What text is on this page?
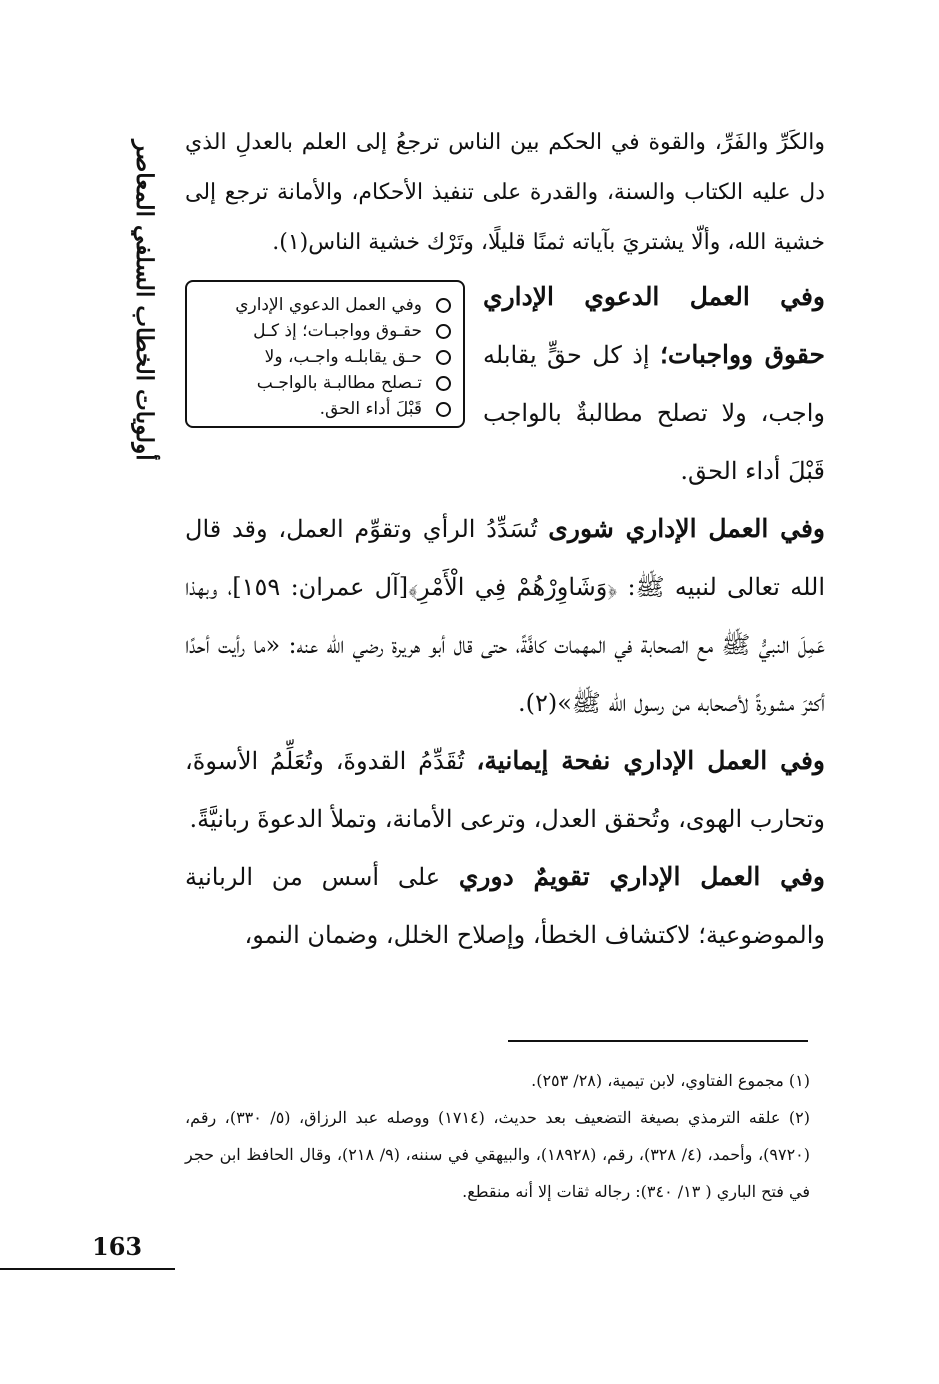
أولويات الخطاب السلفي المعاصر	والكَرِّ والفَرِّ، والقوة في الحكم بين الناس ترجعُ إلى العلم بالعدلِ الذي دل عليه الكتاب والسنة، والقدرة على تنفيذ الأحكام، والأمانة ترجع إلى خشية الله، وألّا يشتريَ بآياته ثمنًا قليلًا، وتَرْك خشية الناس(١).

وفي العمل الدعوي الإداري
حقـوق وواجبـات؛ إذ كـل
حـق يقابلـه واجـب، ولا
تـصلح مطالبـة بالواجـب
قَبْلَ أداء الحق.

وفي العمل الدعوي الإداري حقوق وواجبات؛ إذ كل حقٍّ يقابله واجب، ولا تصلح مطالبةٌ بالواجب قَبْلَ أداء الحق.

وفي العمل الإداري شورى تُسَدِّدُ الرأي وتقوِّم العمل، وقد قال الله تعالى لنبيه ﷺ: ﴿وَشَاوِرْهُمْ فِي الْأَمْرِ﴾[آل عمران: ١٥٩]، وبهذا عَمِلَ النبيُّ ﷺ مع الصحابة في المهمات كافَّةً، حتى قال أبو هريرة رضي الله عنه: «ما رأيت أحدًا أكثرَ مشورةً لأصحابه من رسول الله ﷺ»(٢).

وفي العمل الإداري نفحة إيمانية، تُقَدِّمُ القدوةَ، وتُعَلِّمُ الأسوةَ، وتحارب الهوى، وتُحقق العدل، وترعى الأمانة، وتملأ الدعوةَ ربانيَّةً.

وفي العمل الإداري تقويمٌ دوري على أسس من الربانية والموضوعية؛ لاكتشاف الخطأ، وإصلاح الخلل، وضمان النمو،

(١) مجموع الفتاوي، لابن تيمية، (٢٨/ ٢٥٣).

(٢) علقه الترمذي بصيغة التضعيف بعد حديث، (١٧١٤) ووصله عبد الرزاق، (٥/ ٣٣٠)، رقم، (٩٧٢٠)، وأحمد، (٤/ ٣٢٨)، رقم، (١٨٩٢٨)، والبيهقي في سننه، (٩/ ٢١٨)، وقال الحافظ ابن حجر في فتح الباري ( ١٣/ ٣٤٠): رجاله ثقات إلا أنه منقطع.

163
